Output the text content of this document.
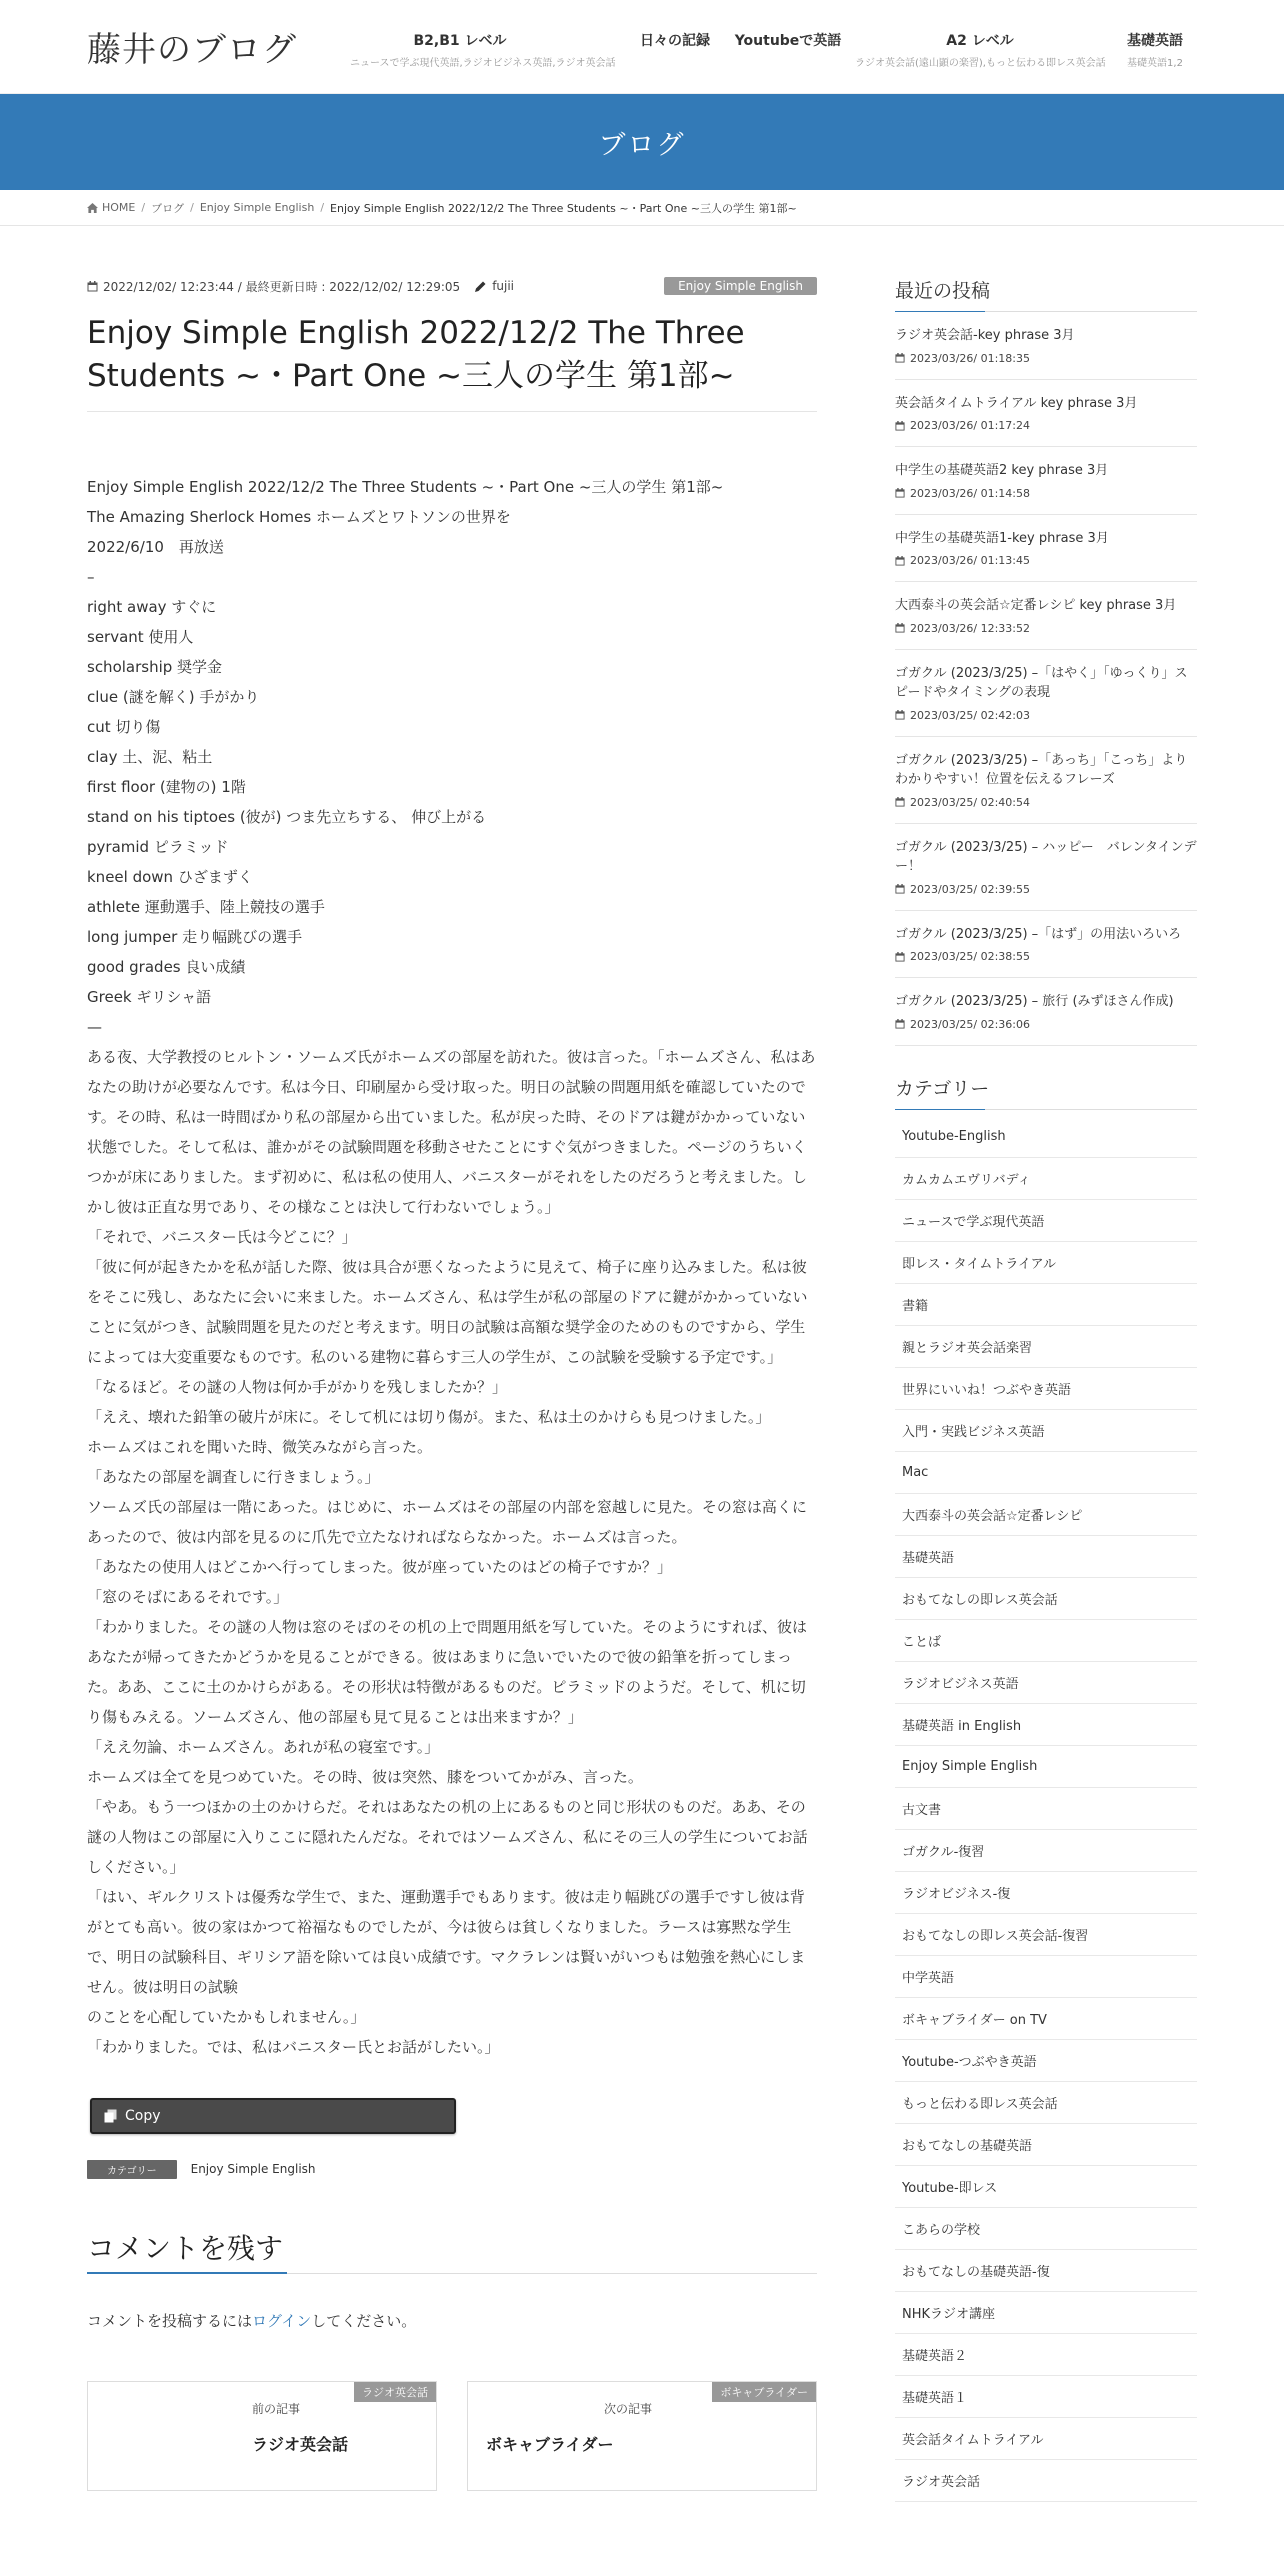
藤井のブログ	B2,B1 レベル
ニュースで学ぶ現代英語,ラジオビジネス英語,ラジオ英会話
日々の記録	Youtubeで英語	A2 レベル
ラジオ英会話(遠山顕の楽習),もっと伝わる即レス英会話
基礎英語
基礎英語1,2
ブログ
HOME / ブログ / Enjoy Simple English / Enjoy Simple English 2022/12/2 The Three Students ~・Part One ~三人の学生 第1部~
2022/12/02/ 12:23:44 / 最終更新日時 : 2022/12/02/ 12:29:05	fujii	Enjoy Simple English
Enjoy Simple English 2022/12/2 The Three Students ~・Part One ~三人の学生 第1部~

Enjoy Simple English 2022/12/2 The Three Students ~・Part One ~三人の学生 第1部~

The Amazing Sherlock Homes ホームズとワトソンの世界を

2022/6/10　再放送

–

right away すぐに

servant 使用人

scholarship 奨学金

clue (謎を解く) 手がかり

cut 切り傷

clay 土、泥、粘土

first floor (建物の) 1階

stand on his tiptoes (彼が) つま先立ちする、 伸び上がる

pyramid ピラミッド

kneel down ひざまずく

athlete 運動選手、陸上競技の選手

long jumper 走り幅跳びの選手

good grades 良い成績

Greek ギリシャ語

—

ある夜、大学教授のヒルトン・ソームズ氏がホームズの部屋を訪れた。彼は言った。「ホームズさん、私はあなたの助けが必要なんです。私は今日、印刷屋から受け取った。明日の試験の問題用紙を確認していたのです。その時、私は一時間ばかり私の部屋から出ていました。私が戻った時、そのドアは鍵がかかっていない状態でした。そして私は、誰かがその試験問題を移動させたことにすぐ気がつきました。ページのうちいくつかが床にありました。まず初めに、私は私の使用人、バニスターがそれをしたのだろうと考えました。しかし彼は正直な男であり、その様なことは決して行わないでしょう。」

「それで、バニスター氏は今どこに？」

「彼に何が起きたかを私が話した際、彼は具合が悪くなったように見えて、椅子に座り込みました。私は彼をそこに残し、あなたに会いに来ました。ホームズさん、私は学生が私の部屋のドアに鍵がかかっていないことに気がつき、試験問題を見たのだと考えます。明日の試験は高額な奨学金のためのものですから、学生によっては大変重要なものです。私のいる建物に暮らす三人の学生が、この試験を受験する予定です。」

「なるほど。その謎の人物は何か手がかりを残しましたか？」

「ええ、壊れた鉛筆の破片が床に。そして机には切り傷が。また、私は土のかけらも見つけました。」

ホームズはこれを聞いた時、微笑みながら言った。

「あなたの部屋を調査しに行きましょう。」

ソームズ氏の部屋は一階にあった。はじめに、ホームズはその部屋の内部を窓越しに見た。その窓は高くにあったので、彼は内部を見るのに爪先で立たなければならなかった。ホームズは言った。

「あなたの使用人はどこかへ行ってしまった。彼が座っていたのはどの椅子ですか？」

「窓のそばにあるそれです。」

「わかりました。その謎の人物は窓のそばのその机の上で問題用紙を写していた。そのようにすれば、彼はあなたが帰ってきたかどうかを見ることができる。彼はあまりに急いでいたので彼の鉛筆を折ってしまった。ああ、ここに土のかけらがある。その形状は特徴があるものだ。ピラミッドのようだ。そして、机に切り傷もみえる。ソームズさん、他の部屋も見て見ることは出来ますか？」

「ええ勿論、ホームズさん。あれが私の寝室です。」

ホームズは全てを見つめていた。その時、彼は突然、膝をついてかがみ、言った。

「やあ。もう一つほかの土のかけらだ。それはあなたの机の上にあるものと同じ形状のものだ。ああ、その謎の人物はこの部屋に入りここに隠れたんだな。それではソームズさん、私にその三人の学生についてお話しください。」

「はい、ギルクリストは優秀な学生で、また、運動選手でもあります。彼は走り幅跳びの選手ですし彼は背がとても高い。彼の家はかつて裕福なものでしたが、今は彼らは貧しくなりました。ラースは寡黙な学生で、明日の試験科目、ギリシア語を除いては良い成績です。マクラレンは賢いがいつもは勉強を熱心にしません。彼は明日の試験

のことを心配していたかもしれません。」

「わかりました。では、私はバニスター氏とお話がしたい。」

Copy
カテゴリー	Enjoy Simple English
コメントを残す

コメントを投稿するにはログインしてください。

ラジオ英会話
前の記事
ラジオ英会話
ボキャブライダー
次の記事
ボキャブライダー
最近の投稿
ラジオ英会話-key phrase 3月
2023/03/26/ 01:18:35
英会話タイムトライアル key phrase 3月
2023/03/26/ 01:17:24
中学生の基礎英語2 key phrase 3月
2023/03/26/ 01:14:58
中学生の基礎英語1-key phrase 3月
2023/03/26/ 01:13:45
大西泰斗の英会話☆定番レシピ key phrase 3月
2023/03/26/ 12:33:52
ゴガクル (2023/3/25) –「はやく」「ゆっくり」スピードやタイミングの表現
2023/03/25/ 02:42:03
ゴガクル (2023/3/25) –「あっち」「こっち」よりわかりやすい！位置を伝えるフレーズ
2023/03/25/ 02:40:54
ゴガクル (2023/3/25) – ハッピー　バレンタインデー！
2023/03/25/ 02:39:55
ゴガクル (2023/3/25) –「はず」の用法いろいろ
2023/03/25/ 02:38:55
ゴガクル (2023/3/25) – 旅行 (みずほさん作成)
2023/03/25/ 02:36:06
カテゴリー
Youtube-English
カムカムエヴリバディ
ニュースで学ぶ現代英語
即レス・タイムトライアル
書籍
親とラジオ英会話楽習
世界にいいね！つぶやき英語
入門・実践ビジネス英語
Mac
大西泰斗の英会話☆定番レシピ
基礎英語
おもてなしの即レス英会話
ことば
ラジオビジネス英語
基礎英語 in English
Enjoy Simple English
古文書
ゴガクル-復習
ラジオビジネス-復
おもてなしの即レス英会話-復習
中学英語
ボキャブライダー on TV
Youtube-つぶやき英語
もっと伝わる即レス英会話
おもてなしの基礎英語
Youtube-即レス
こあらの学校
おもてなしの基礎英語-復
NHKラジオ講座
基礎英語２
基礎英語１
英会話タイムトライアル
ラジオ英会話
